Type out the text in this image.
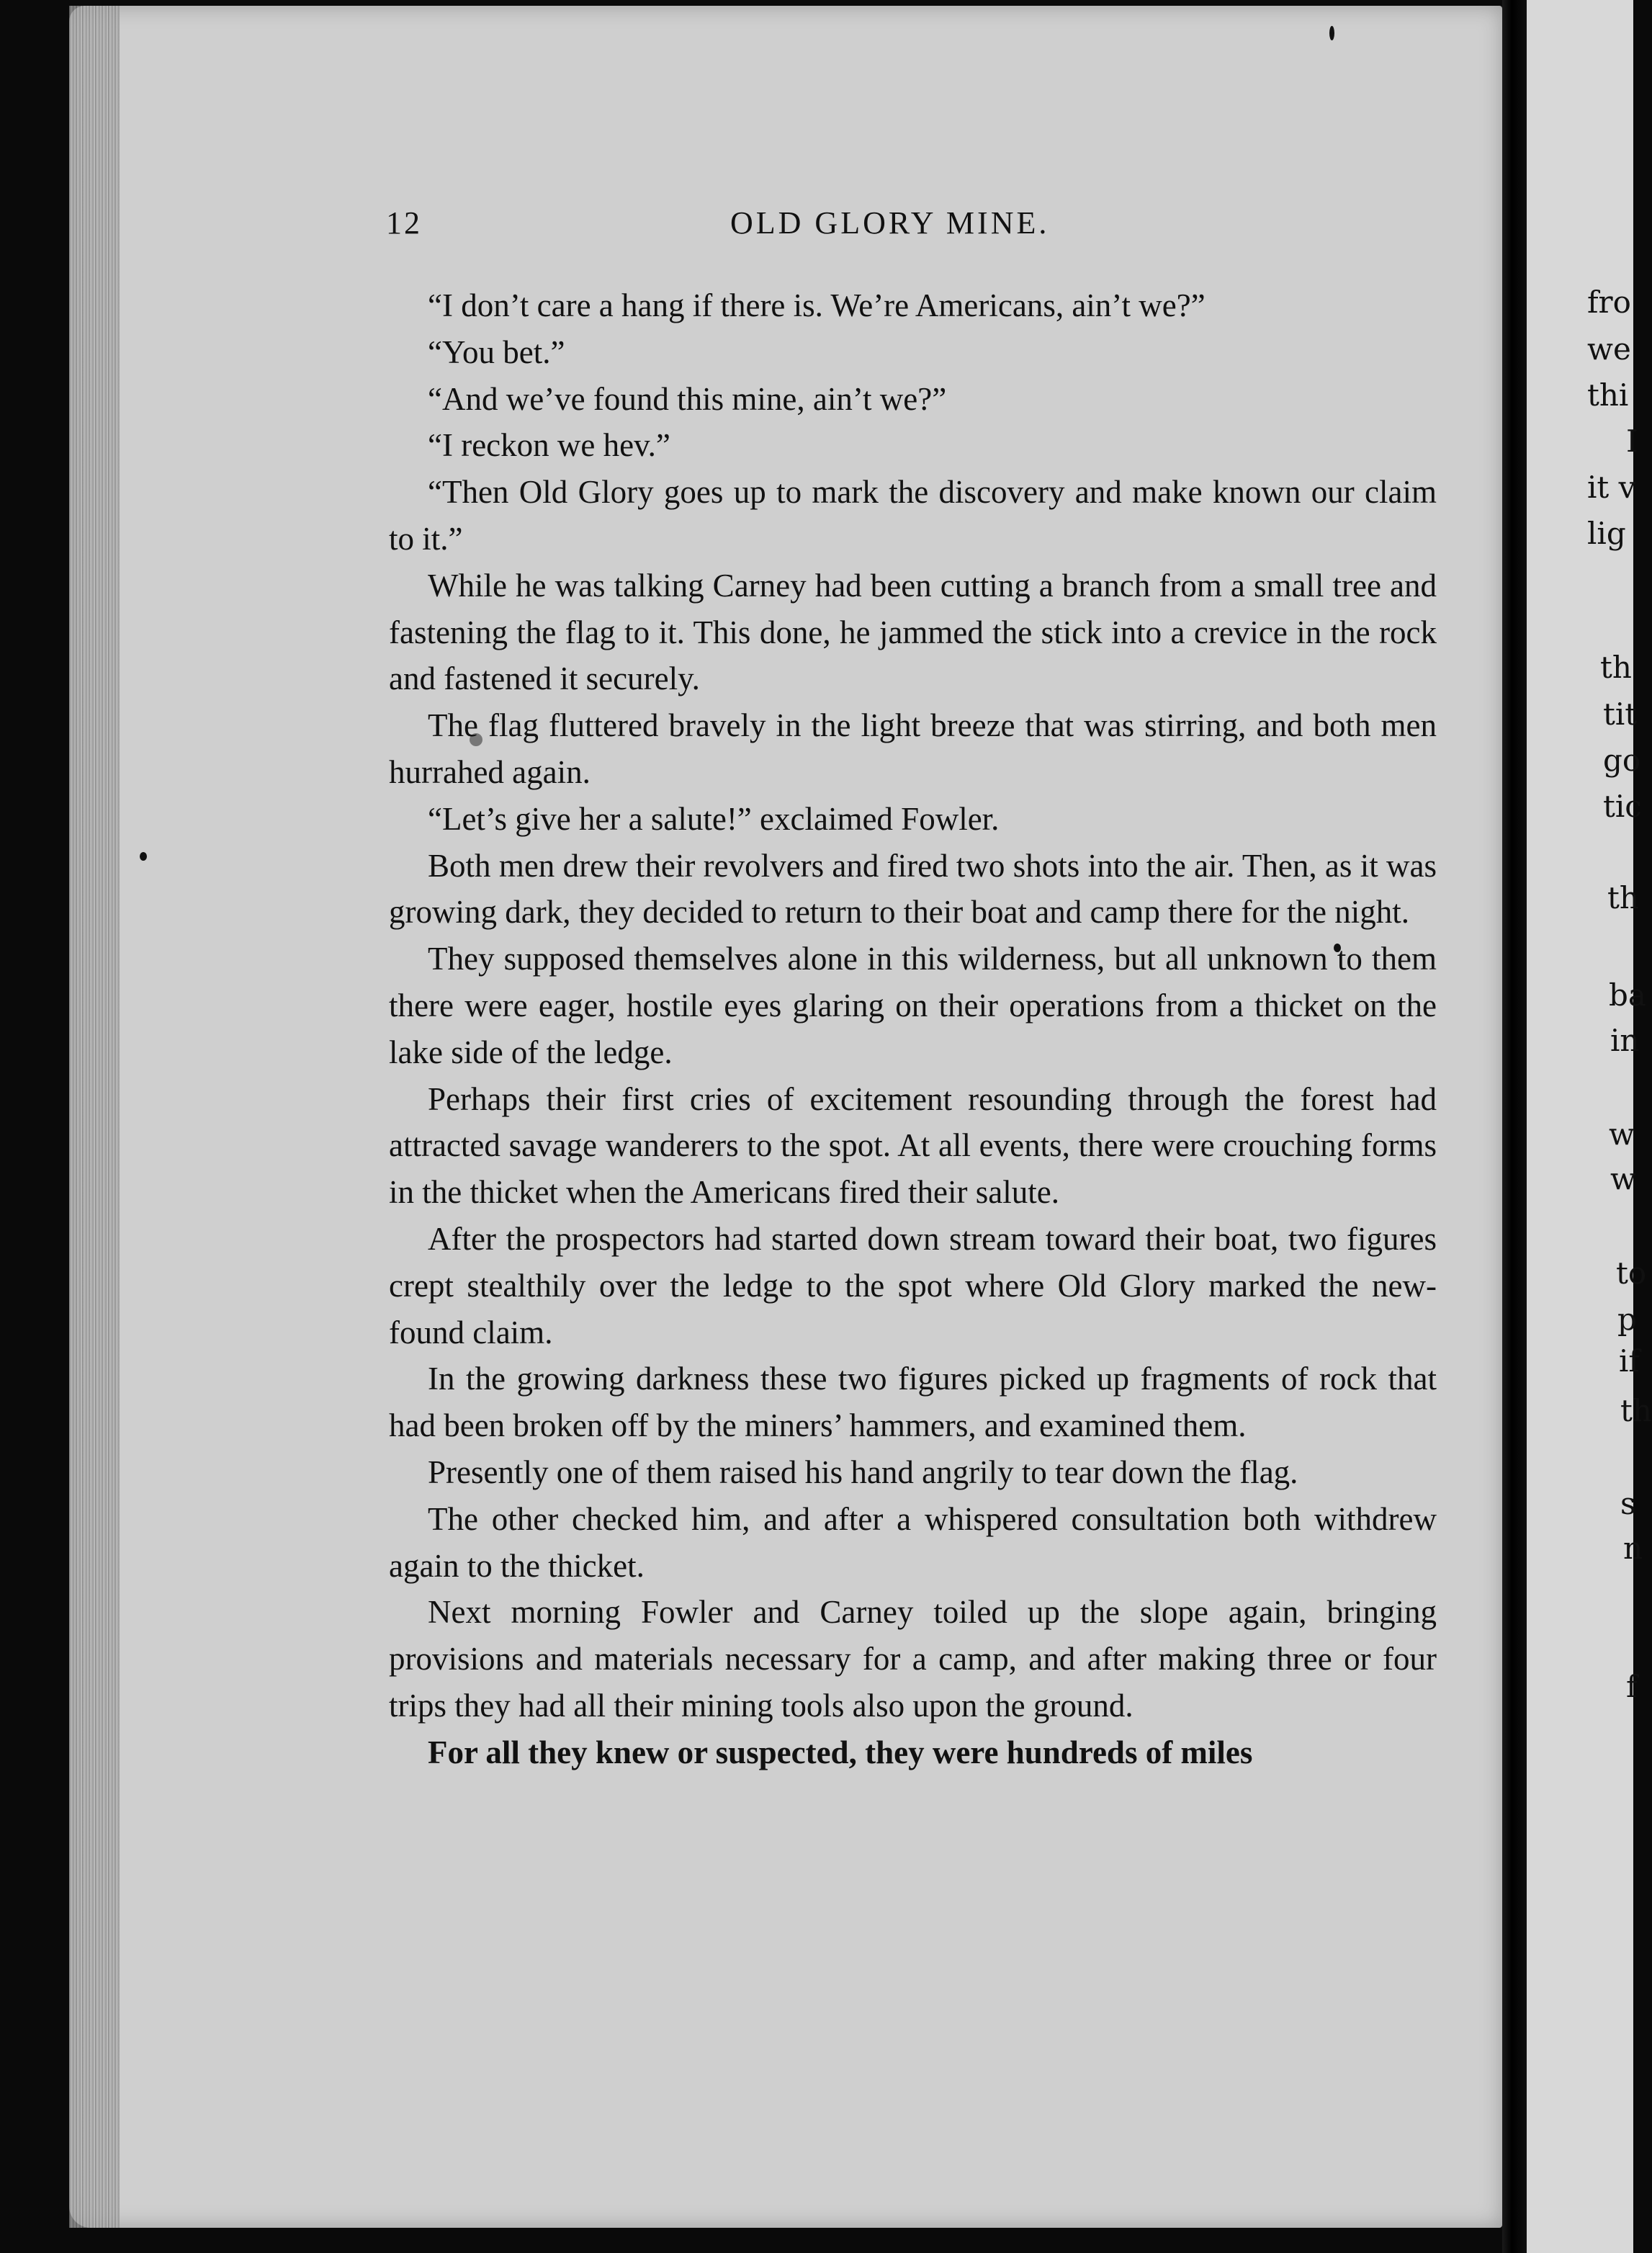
fro
we
thi
I
it v
lig
th
tit
go
tic
th
ba
in
w
w
to
p
if
th
s
n
f
12	OLD GLORY MINE.

“I don’t care a hang if there is. We’re Americans, ain’t we?”

“You bet.”

“And we’ve found this mine, ain’t we?”

“I reckon we hev.”

“Then Old Glory goes up to mark the discovery and make known our claim to it.”

While he was talking Carney had been cutting a branch from a small tree and fastening the flag to it. This done, he jammed the stick into a crevice in the rock and fastened it securely.

The flag fluttered bravely in the light breeze that was stirring, and both men hurrahed again.

“Let’s give her a salute!” exclaimed Fowler.

Both men drew their revolvers and fired two shots into the air. Then, as it was growing dark, they decided to return to their boat and camp there for the night.

They supposed themselves alone in this wilderness, but all unknown to them there were eager, hostile eyes glaring on their operations from a thicket on the lake side of the ledge.

Perhaps their first cries of excitement resounding through the forest had attracted savage wanderers to the spot. At all events, there were crouching forms in the thicket when the Americans fired their salute.

After the prospectors had started down stream toward their boat, two figures crept stealthily over the ledge to the spot where Old Glory marked the new-found claim.

In the growing darkness these two figures picked up fragments of rock that had been broken off by the miners’ hammers, and examined them.

Presently one of them raised his hand angrily to tear down the flag.

The other checked him, and after a whispered consultation both withdrew again to the thicket.

Next morning Fowler and Carney toiled up the slope again, bringing provisions and materials necessary for a camp, and after making three or four trips they had all their mining tools also upon the ground.

For all they knew or suspected, they were hundreds of miles
